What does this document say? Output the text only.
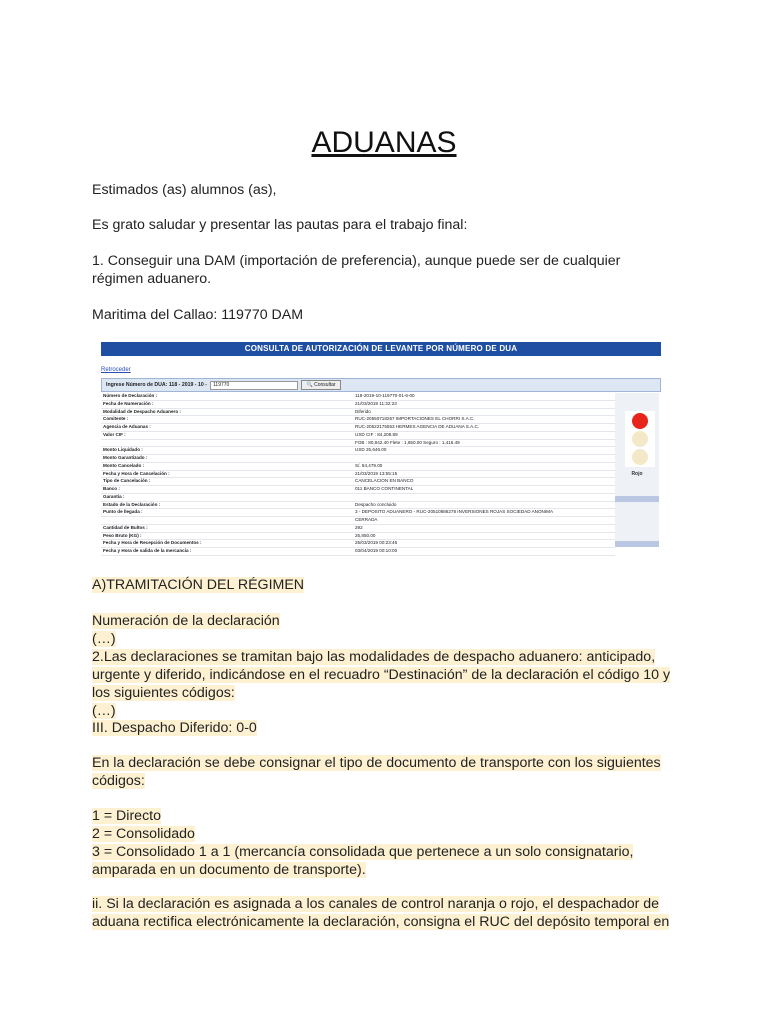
ADUANAS

Estimados (as) alumnos (as),

Es grato saludar y presentar las pautas para el trabajo final:

1. Conseguir una DAM (importación de preferencia), aunque puede ser de cualquier

régimen aduanero.

Maritima del Callao: 119770 DAM

CONSULTA DE AUTORIZACIÓN DE LEVANTE POR NÚMERO DE DUA
Retroceder
Ingrese Número de DUA: 118 - 2019 - 10 -	119770	🔍 Consultar
Número de Declaración :	118-2019-10-119770-01-6-00
Fecha de Numeración :	21/03/2019 11:32:23
Modalidad de Despacho Aduanero :	Diferido
Comitente :	RUC-20550718267 IMPORTACIONES EL CHORRI S.A.C.
Agencia de Aduanas :	RUC-20522175553 HERMES AGENCIA DE ADUANA S.A.C.
Valor CIF :	USD CIF : 84,208.89
	FOB : 80,842.40 Flete : 1,650.00 Seguro : 1,416.49
Monto Liquidado :	USD 25,646.00
Monto Garantizado :	
Monto Cancelado :	S/. 84,479.00
Fecha y Hora de Cancelación :	21/03/2019 13:55:15
Tipo de Cancelación :	CANCELACION EN BANCO
Banco :	011 BANCO CONTINENTAL
Garantía :	
Estado de la Declaración :	Despacho concluido
Punto de llegada :	3 - DEPOSITO ADUANERO - RUC-20510886278 INVERSIONES ROJAS SOCIEDAD ANONIMA
	CERRADA
Cantidad de Bultos :	292
Peso Bruto (KG) :	25,850.00
Fecha y Hora de Recepción de Documentos :	25/03/2019 00:23:46
Fecha y Hora de salida de la mercancía :	03/04/2019 00:10:00
Rojo

A)TRAMITACIÓN DEL RÉGIMEN

Numeración de la declaración

(…)

2.Las declaraciones se tramitan bajo las modalidades de despacho aduanero: anticipado,

urgente y diferido, indicándose en el recuadro “Destinación” de la declaración el código 10 y

los siguientes códigos:

(…)

III. Despacho Diferido: 0-0

En la declaración se debe consignar el tipo de documento de transporte con los siguientes

códigos:

1 = Directo

2 = Consolidado

3 = Consolidado 1 a 1 (mercancía consolidada que pertenece a un solo consignatario,

amparada en un documento de transporte).

ii. Si la declaración es asignada a los canales de control naranja o rojo, el despachador de

aduana rectifica electrónicamente la declaración, consigna el RUC del depósito temporal en
